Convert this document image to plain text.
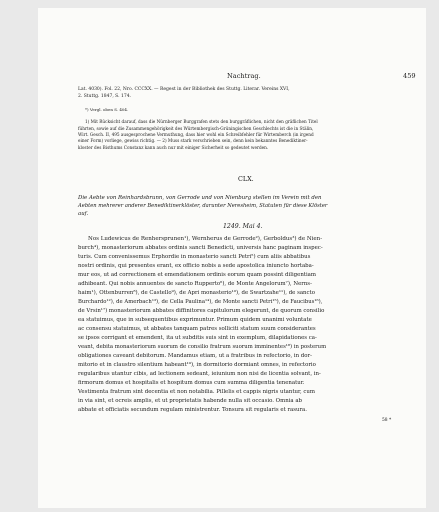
Nachtrag.	459
Lat. 4030). Fol. 22, Nro. CCCXX. — Regest in der Bibliothek des Stuttg. Literar. Vereins XVI,
2. Stuttg. 1847, S. 174.
*) Vergl. oben S. 404.
1) Mit Rücksicht darauf, dass die Nürnberger Burggrafen stets den burggräflichen, nicht den gräflichen Titel
führten, sowie auf die Zusammengehörigkeit des Würtembergisch-Grüningischen Geschlechts ist die in Stälin,
Wirt. Gesch. II, 495 ausgesprochene Vermuthung, dass hier wohl ein Schreibfehler für Wirtemberch (in irgend
einer Form) vorliege, gewiss richtig. — 2) Muss stark verschrieben sein, denn kein bekanntes Benediktiner-
kloster des Bisthums Constanz kann auch nur mit einiger Sicherheit so gedeutet werden.
CLX.
Die Aebte von Reinhardsbrunn, von Gerrode und von Nienburg stellen im Verein mit den
Aebten mehrerer anderer Benediktinerklöster, darunter Neresheim, Statuten für diese Klöster
auf.
1249. Mai 4.
Nos Ludewicus de Renhersprunen¹), Wernherus de Gerrode²), Gerboldus³) de Nien-
burch⁴), monasteriorum abbates ordinis sancti Benedicti, universis hanc paginam inspec-
turis. Cum convenissemus Erphordie in monasterio sancti Petri⁵) cum aliis abbatibus
nostri ordinis, qui presentes erant, ex officio nobis a sede apostolica iniuncto hortaba-
mur eos, ut ad correctionem et emendationem ordinis eorum quam possint diligentiam
adhibeant. Qui nobis annuentes de sancto Rupperto⁶), de Monte Angelorum⁷), Nerns-
haim¹), Ottenburren⁸), de Castello⁹), de Apri monasterio¹⁰), de Swartzahe¹¹), de sancto
Burchardo¹²), de Amerbach¹³), de Cella Paulina¹⁴), de Monte sancti Petri¹⁵), de Faucibus¹⁶),
de Vrsin¹⁷) monasteriorum abbates diffinitores capitulorum elegerunt, de quorum consilio
ea statuimus, que in subsequentibus exprimuntur. Primum quidem unanimi voluntate
ac consensu statuimus, ut abbates tanquam patres solliciti statum suum considerantes
se ipsos corrigant et emendent, ita ut subditis suis sint in exemplum, dilapidationes ca-
veant, debita monasteriorum suorum de consilio fratrum suorum imminentes¹⁸) in posterum
obligationes caveant debitorum. Mandamus etiam, ut a fratribus in refectorio, in dor-
mitorio et in claustro silentium habeant¹⁹), in dormitorio dormiant omnes, in refectorio
regularibus utantur cibis, ad lectionem sedeant, ieiunium non nisi de licentia solvant, in-
firmorum domus et hospitalis et hospitum domus cum summa diligentia tenenatur.
Vestimenta fratrum sint decentia et non notabilia. Pillelis et cappis nigris utantur, cum
in via sint, et ocreis amplis, et ut proprietatis habende nulla sit occasio. Omnia ab
abbate et officiatis secundum regulam ministrentur. Tonsura sit regularis et rasura.
58 *
